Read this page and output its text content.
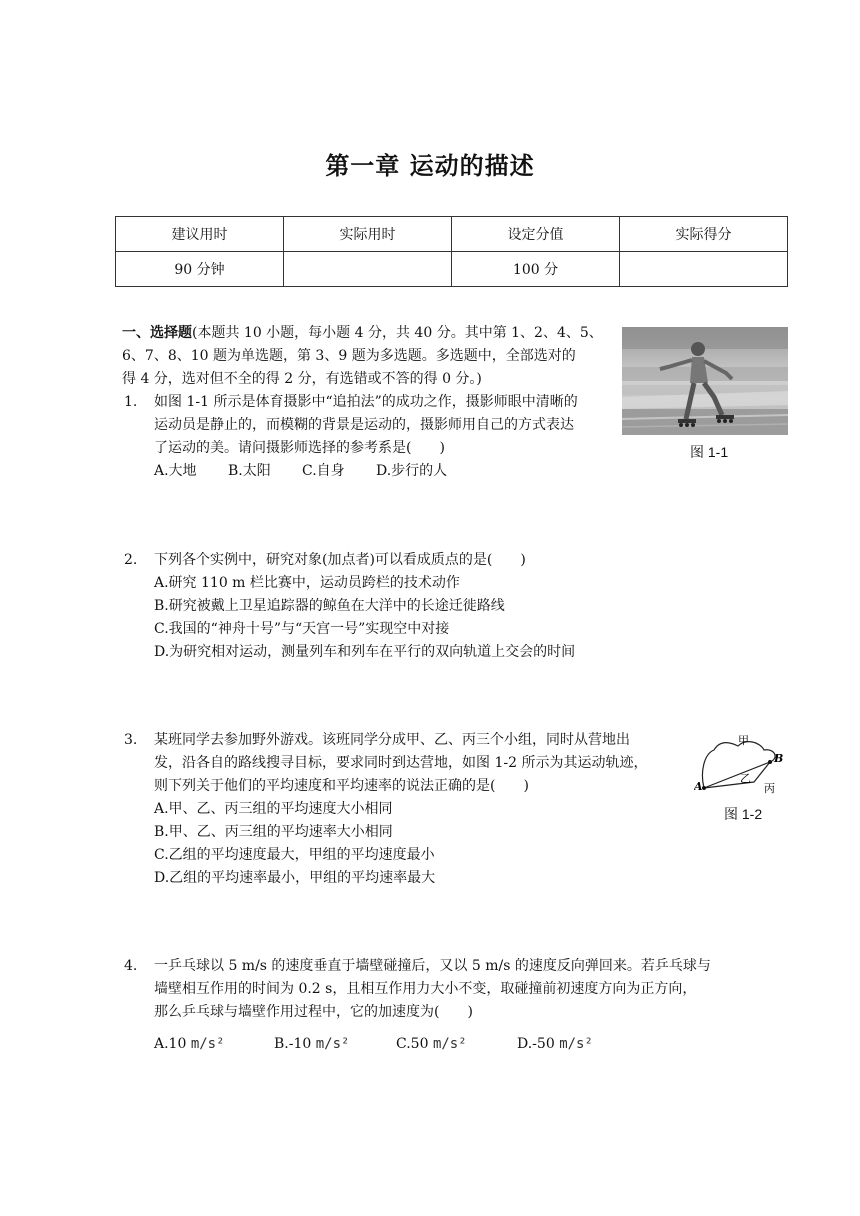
第一章 运动的描述
建议用时	实际用时	设定分值	实际得分
90 分钟		100 分	
一、选择题(本题共 10 小题，每小题 4 分，共 40 分。其中第 1、2、4、5、
6、7、8、10 题为单选题，第 3、9 题为多选题。多选题中，全部选对的
得 4 分，选对但不全的得 2 分，有选错或不答的得 0 分。)
1. 如图 1-1 所示是体育摄影中“追拍法”的成功之作，摄影师眼中清晰的
运动员是静止的，而模糊的背景是运动的，摄影师用自己的方式表达
了运动的美。请问摄影师选择的参考系是(　　)
A.大地 B.太阳 C.自身 D.步行的人
图 1-1
2. 下列各个实例中，研究对象(加点者)可以看成质点的是(　　)
A.研究 110 m 栏比赛中，运动员跨栏的技术动作
B.研究被戴上卫星追踪器的鲸鱼在大洋中的长途迁徙路线
C.我国的“神舟十号”与“天宫一号”实现空中对接
D.为研究相对运动，测量列车和列车在平行的双向轨道上交会的时间
3. 某班同学去参加野外游戏。该班同学分成甲、乙、丙三个小组，同时从营地出
发，沿各自的路线搜寻目标，要求同时到达营地，如图 1-2 所示为其运动轨迹，
则下列关于他们的平均速度和平均速率的说法正确的是(　　)
A.甲、乙、丙三组的平均速度大小相同
B.甲、乙、丙三组的平均速率大小相同
C.乙组的平均速度最大，甲组的平均速度最小
D.乙组的平均速率最小，甲组的平均速率最大
甲
乙
丙
A
B
图 1-2
4. 一乒乓球以 5 m/s 的速度垂直于墙壁碰撞后，又以 5 m/s 的速度反向弹回来。若乒乓球与
墙壁相互作用的时间为 0.2 s，且相互作用力大小不变，取碰撞前初速度方向为正方向，
那么乒乓球与墙壁作用过程中，它的加速度为(　　)
A.10 m/s²	B.-10 m/s²	C.50 m/s²	D.-50 m/s²
